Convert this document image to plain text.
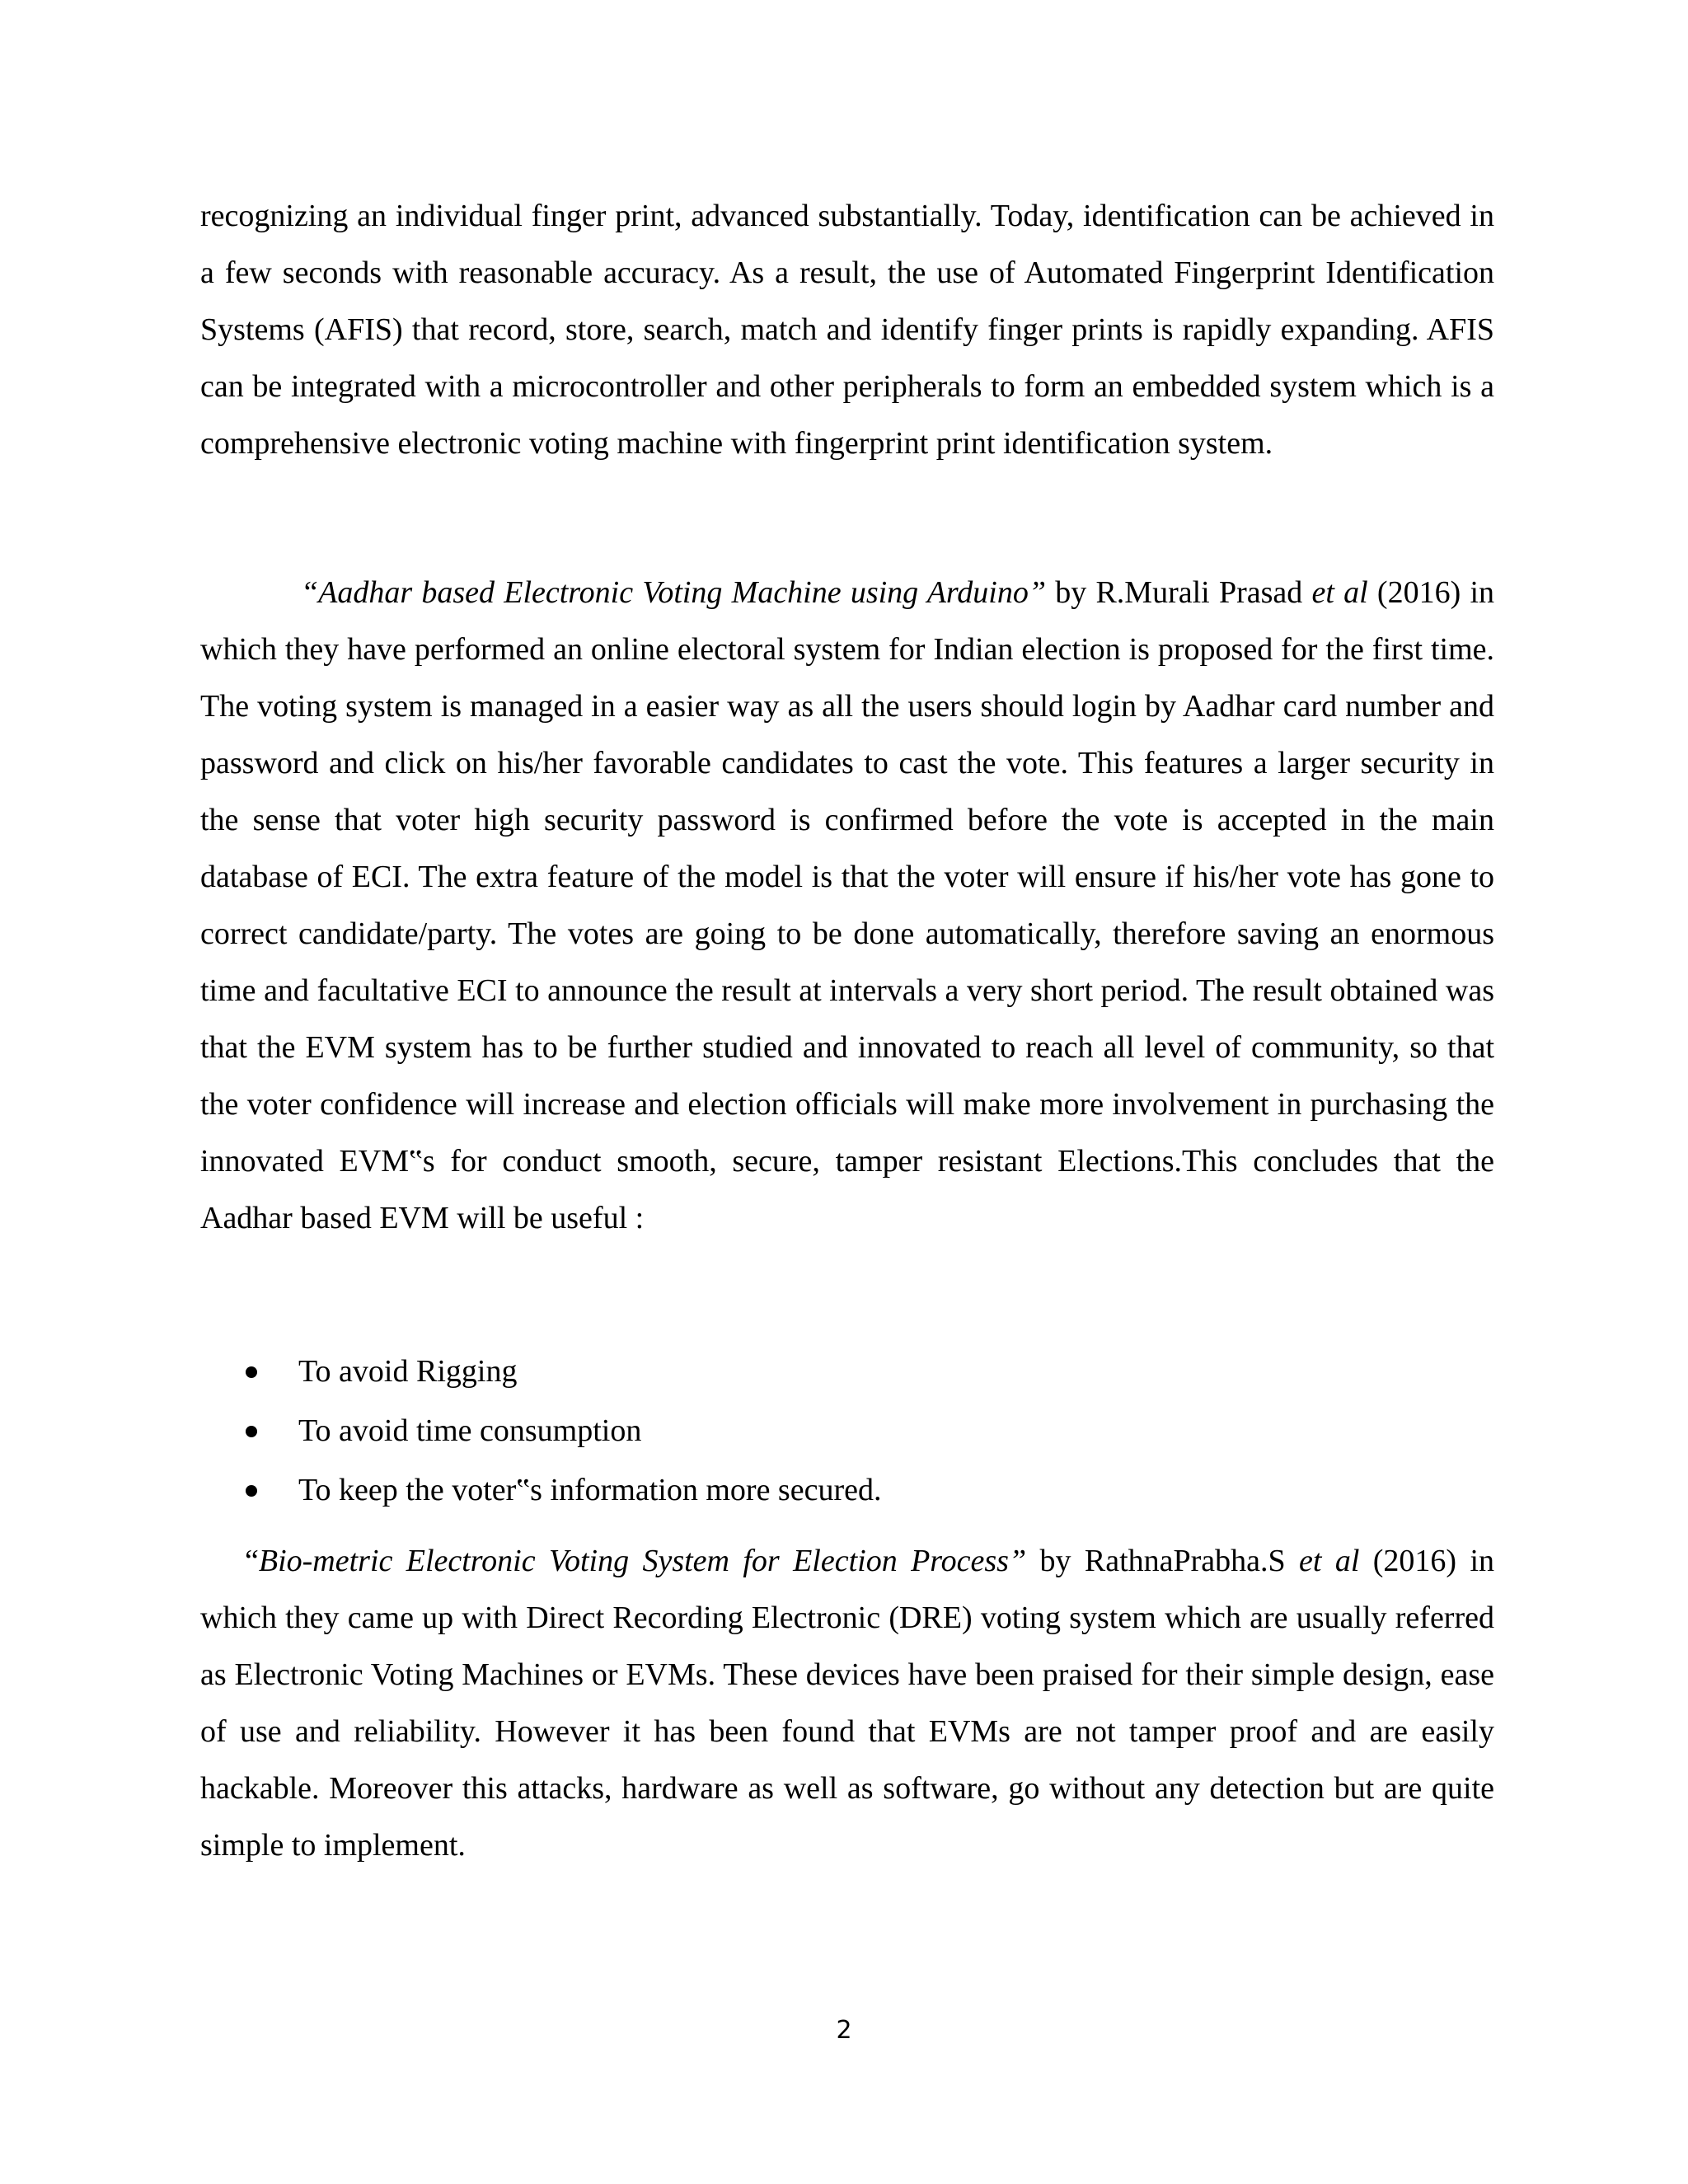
recognizing an individual finger print, advanced substantially. Today, identification can be achieved in a few seconds with reasonable accuracy. As a result, the use of Automated Fingerprint Identification Systems (AFIS) that record, store, search, match and identify finger prints is rapidly expanding. AFIS can be integrated with a microcontroller and other peripherals to form an embedded system which is a comprehensive electronic voting machine with fingerprint print identification system.

“Aadhar based Electronic Voting Machine using Arduino” by R.Murali Prasad et al (2016) in which they have performed an online electoral system for Indian election is proposed for the first time. The voting system is managed in a easier way as all the users should login by Aadhar card number and password and click on his/her favorable candidates to cast the vote. This features a larger security in the sense that voter high security password is confirmed before the vote is accepted in the main database of ECI. The extra feature of the model is that the voter will ensure if his/her vote has gone to correct candidate/party. The votes are going to be done automatically, therefore saving an enormous time and facultative ECI to announce the result at intervals a very short period. The result obtained was that the EVM system has to be further studied and innovated to reach all level of community, so that the voter confidence will increase and election officials will make more involvement in purchasing the innovated EVM‟s for conduct smooth, secure, tamper resistant Elections.This concludes that the Aadhar based EVM will be useful :

To avoid Rigging
To avoid time consumption
To keep the voter‟s information more secured.

“Bio-metric Electronic Voting System for Election Process” by RathnaPrabha.S et al (2016) in which they came up with Direct Recording Electronic (DRE) voting system which are usually referred as Electronic Voting Machines or EVMs. These devices have been praised for their simple design, ease of use and reliability. However it has been found that EVMs are not tamper proof and are easily hackable. Moreover this attacks, hardware as well as software, go without any detection but are quite simple to implement.

2
